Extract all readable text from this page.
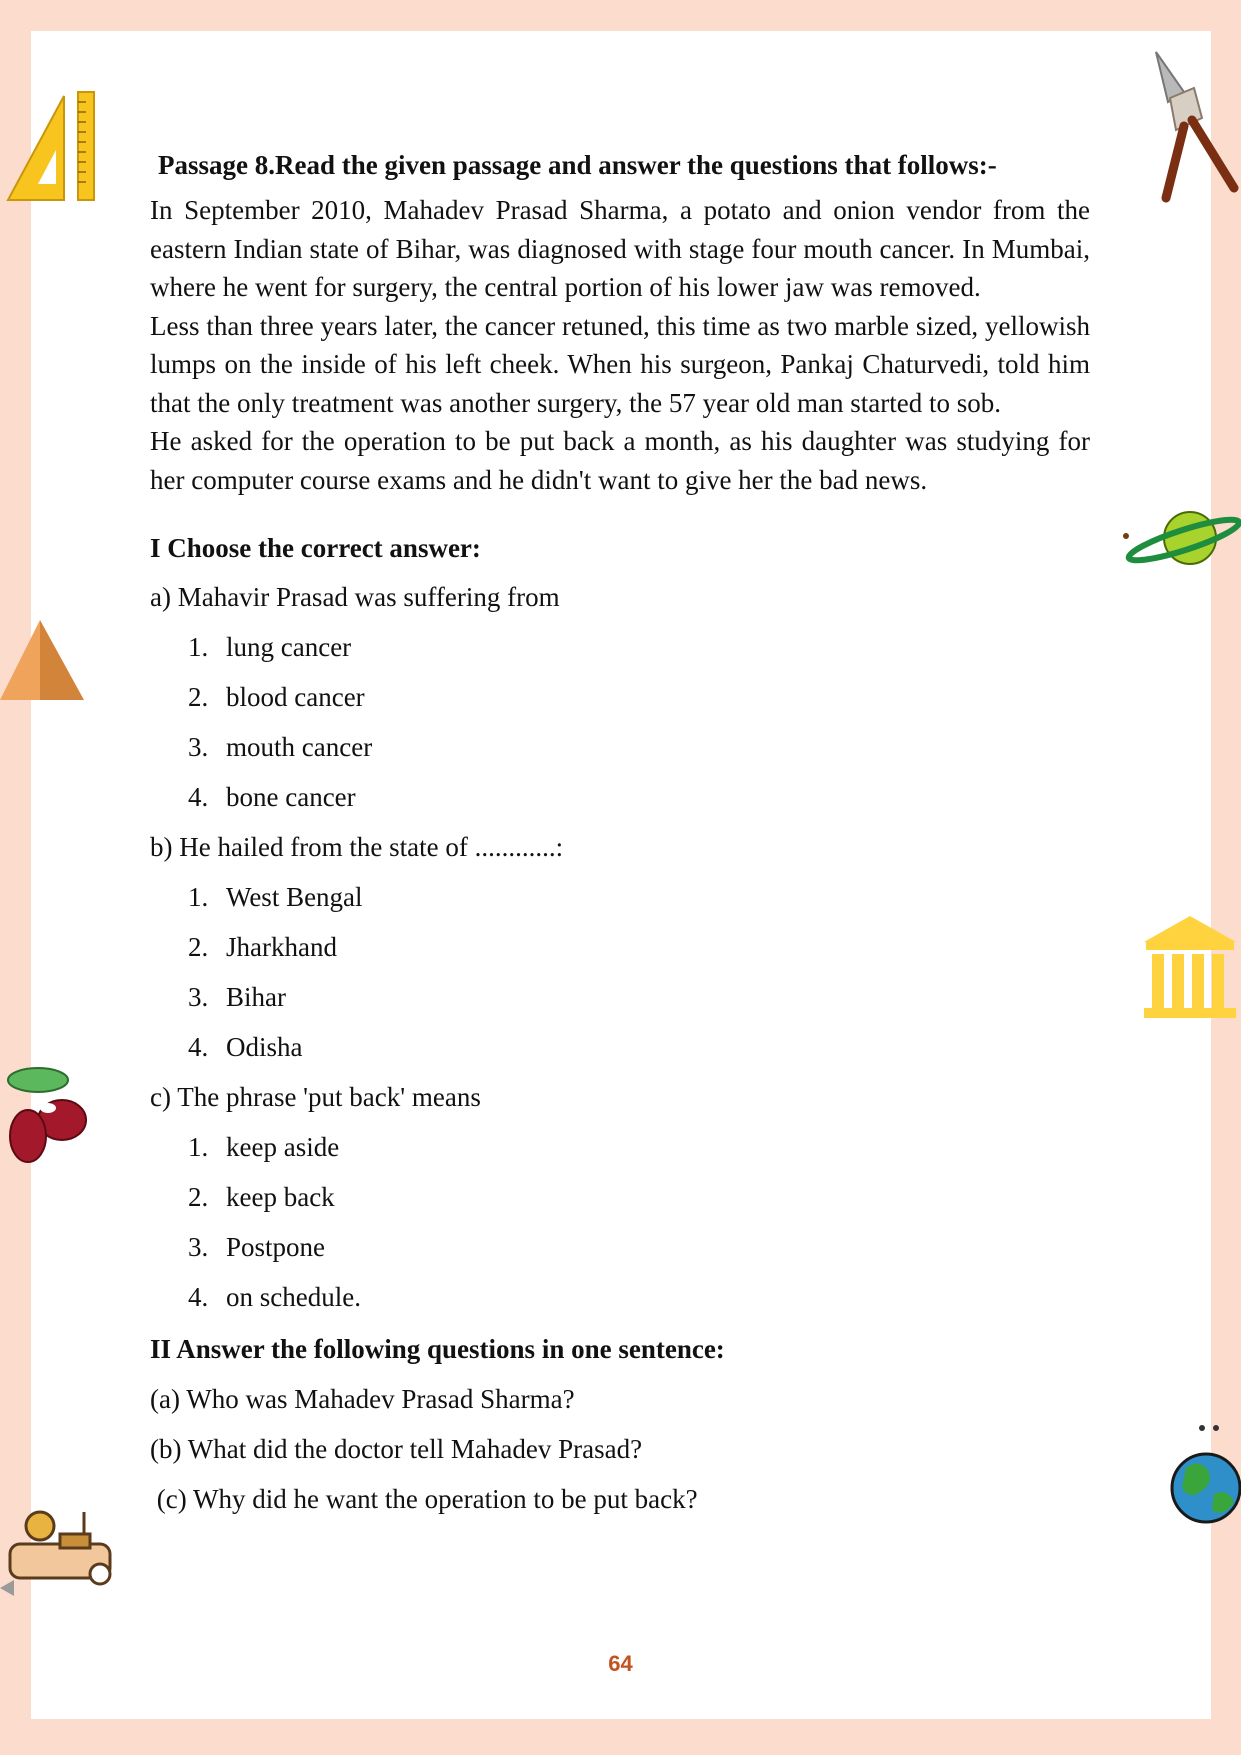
Passage 8.Read the given passage and answer the questions that follows:-

In September 2010, Mahadev Prasad Sharma, a potato and onion vendor from the eastern Indian state of Bihar, was diagnosed with stage four mouth cancer. In Mumbai, where he went for surgery, the central portion of his lower jaw was removed.

Less than three years later, the cancer retuned, this time as two marble sized, yellowish lumps on the inside of his left cheek. When his surgeon, Pankaj Chaturvedi, told him that the only treatment was another surgery, the 57 year old man started to sob.

He asked for the operation to be put back a month, as his daughter was studying for her computer course exams and he didn't want to give her the bad news.

I Choose the correct answer:
a) Mahavir Prasad was suffering from
1. lung cancer
2. blood cancer
3. mouth cancer
4. bone cancer
b) He hailed from the state of ............:
1. West Bengal
2. Jharkhand
3. Bihar
4. Odisha
c) The phrase 'put back' means
1. keep aside
2. keep back
3. Postpone
4. on schedule.
II Answer the following questions in one sentence:
(a) Who was Mahadev Prasad Sharma?
(b) What did the doctor tell Mahadev Prasad?
(c) Why did he want the operation to be put back?
64
